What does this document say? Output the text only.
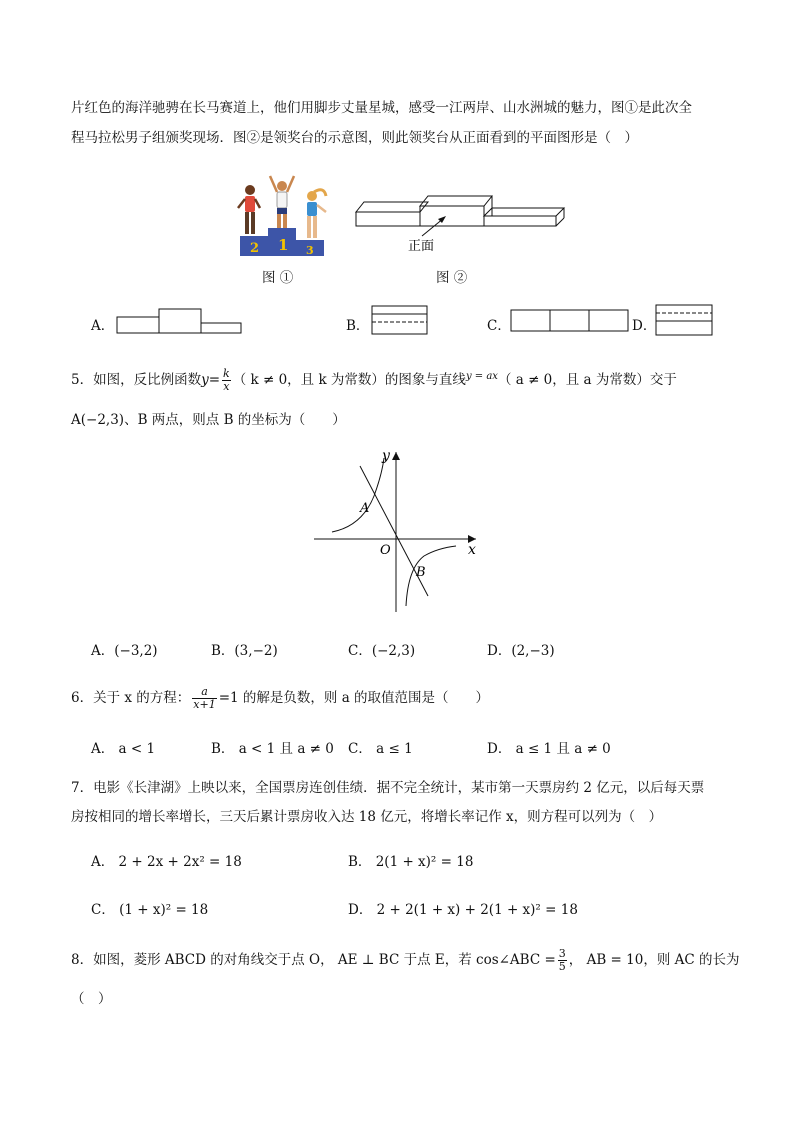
片红色的海洋驰骋在长马赛道上，他们用脚步丈量星城，感受一江两岸、山水洲城的魅力，图①是此次全
程马拉松男子组颁奖现场．图②是领奖台的示意图，则此领奖台从正面看到的平面图形是（　）
2 1 3
图 ①
正面
图 ②
A．	B．	C．	D．
5．如图，反比例函数$y= \frac{k}{x}$ （ k ≠ 0，且 k 为常数）的图象与直线$^{y = ax}$（ a ≠ 0，且 a 为常数）交于
A(−2,3)、B 两点，则点 B 的坐标为（　　）
y
x
O
A
B
A．(−3,2)	B．(3,−2)	C．(−2,3)	D．(2,−3)
6．关于 x 的方程： $\frac{a}{x+1} =1$ 的解是负数，则 a 的取值范围是（　　）
A． a < 1	B． a < 1 且 a ≠ 0 C． a ≤ 1	D． a ≤ 1 且 a ≠ 0
7．电影《长津湖》上映以来，全国票房连创佳绩．据不完全统计，某市第一天票房约 2 亿元，以后每天票
房按相同的增长率增长，三天后累计票房收入达 18 亿元，将增长率记作 x，则方程可以列为（　）
A． 2 + 2x + 2x² = 18	B． 2(1 + x)² = 18
C． (1 + x)² = 18	D． 2 + 2(1 + x) + 2(1 + x)² = 18
8．如图，菱形 ABCD 的对角线交于点 O， AE ⊥ BC 于点 E，若 cos∠ABC = $\frac{3}{5}$ ， AB = 10，则 AC 的长为
（　）
